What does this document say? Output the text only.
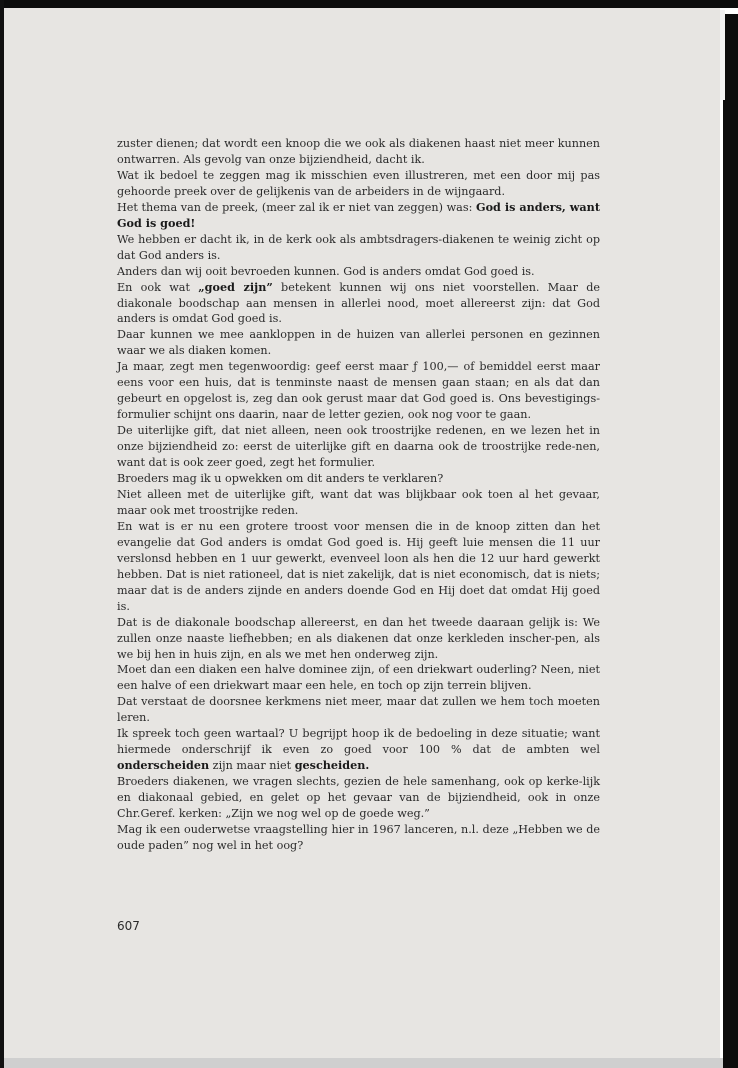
zuster dienen; dat wordt een knoop die we ook als diakenen haast niet meer kunnen ontwarren. Als gevolg van onze bijziendheid, dacht ik.

Wat ik bedoel te zeggen mag ik misschien even illustreren, met een door mij pas gehoorde preek over de gelijkenis van de arbeiders in de wijngaard.

Het thema van de preek, (meer zal ik er niet van zeggen) was: God is anders, want God is goed!

We hebben er dacht ik, in de kerk ook als ambtsdragers-diakenen te weinig zicht op dat God anders is.

Anders dan wij ooit bevroeden kunnen. God is anders omdat God goed is.

En ook wat „goed zijn” betekent kunnen wij ons niet voorstellen. Maar de diakonale boodschap aan mensen in allerlei nood, moet allereerst zijn: dat God anders is omdat God goed is.

Daar kunnen we mee aankloppen in de huizen van allerlei personen en gezinnen waar we als diaken komen.

Ja maar, zegt men tegenwoordig: geef eerst maar ƒ 100,— of bemiddel eerst maar eens voor een huis, dat is tenminste naast de mensen gaan staan; en als dat dan gebeurt en opgelost is, zeg dan ook gerust maar dat God goed is. Ons bevestigings-formulier schijnt ons daarin, naar de letter gezien, ook nog voor te gaan.

De uiterlijke gift, dat niet alleen, neen ook troostrijke redenen, en we lezen het in onze bijziendheid zo: eerst de uiterlijke gift en daarna ook de troostrijke rede-nen, want dat is ook zeer goed, zegt het formulier.

Broeders mag ik u opwekken om dit anders te verklaren?

Niet alleen met de uiterlijke gift, want dat was blijkbaar ook toen al het gevaar, maar ook met troostrijke reden.

En wat is er nu een grotere troost voor mensen die in de knoop zitten dan het evangelie dat God anders is omdat God goed is. Hij geeft luie mensen die 11 uur verslonsd hebben en 1 uur gewerkt, evenveel loon als hen die 12 uur hard gewerkt hebben. Dat is niet rationeel, dat is niet zakelijk, dat is niet economisch, dat is niets; maar dat is de anders zijnde en anders doende God en Hij doet dat omdat Hij goed is.

Dat is de diakonale boodschap allereerst, en dan het tweede daaraan gelijk is: We zullen onze naaste liefhebben; en als diakenen dat onze kerkleden inscher-pen, als we bij hen in huis zijn, en als we met hen onderweg zijn.

Moet dan een diaken een halve dominee zijn, of een driekwart ouderling? Neen, niet een halve of een driekwart maar een hele, en toch op zijn terrein blijven.

Dat verstaat de doorsnee kerkmens niet meer, maar dat zullen we hem toch moeten leren.

Ik spreek toch geen wartaal? U begrijpt hoop ik de bedoeling in deze situatie; want hiermede onderschrijf ik even zo goed voor 100 % dat de ambten wel onderscheiden zijn maar niet gescheiden.

Broeders diakenen, we vragen slechts, gezien de hele samenhang, ook op kerke-lijk en diakonaal gebied, en gelet op het gevaar van de bijziendheid, ook in onze Chr.Geref. kerken: „Zijn we nog wel op de goede weg.”

Mag ik een ouderwetse vraagstelling hier in 1967 lanceren, n.l. deze „Hebben we de oude paden” nog wel in het oog?

607
